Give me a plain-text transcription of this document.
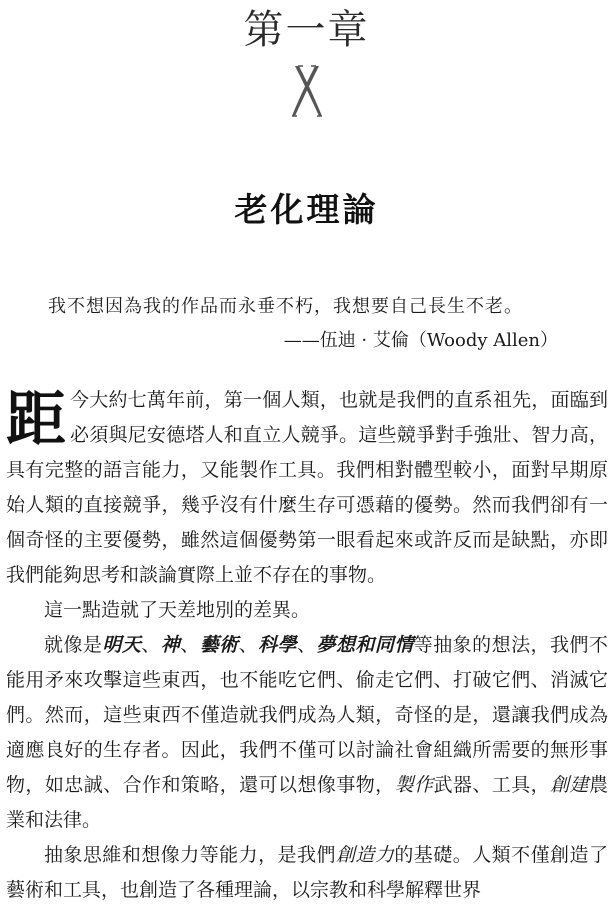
第一章
老化理論
我不想因為我的作品而永垂不朽，我想要自己長生不老。
——伍迪 · 艾倫（Woody Allen）

距今大約七萬年前，第一個人類，也就是我們的直系祖先，面臨到必須與尼安德塔人和直立人競爭。這些競爭對手強壯、智力高，具有完整的語言能力，又能製作工具。我們相對體型較小，面對早期原始人類的直接競爭，幾乎沒有什麼生存可憑藉的優勢。然而我們卻有一個奇怪的主要優勢，雖然這個優勢第一眼看起來或許反而是缺點，亦即我們能夠思考和談論實際上並不存在的事物。

這一點造就了天差地別的差異。

就像是明天、神、藝術、科學、夢想和同情等抽象的想法，我們不能用矛來攻擊這些東西，也不能吃它們、偷走它們、打破它們、消滅它們。然而，這些東西不僅造就我們成為人類，奇怪的是，還讓我們成為適應良好的生存者。因此，我們不僅可以討論社會組織所需要的無形事物，如忠誠、合作和策略，還可以想像事物，製作武器、工具，創建農業和法律。

抽象思維和想像力等能力，是我們創造力的基礎。人類不僅創造了藝術和工具，也創造了各種理論，以宗教和科學解釋世界
